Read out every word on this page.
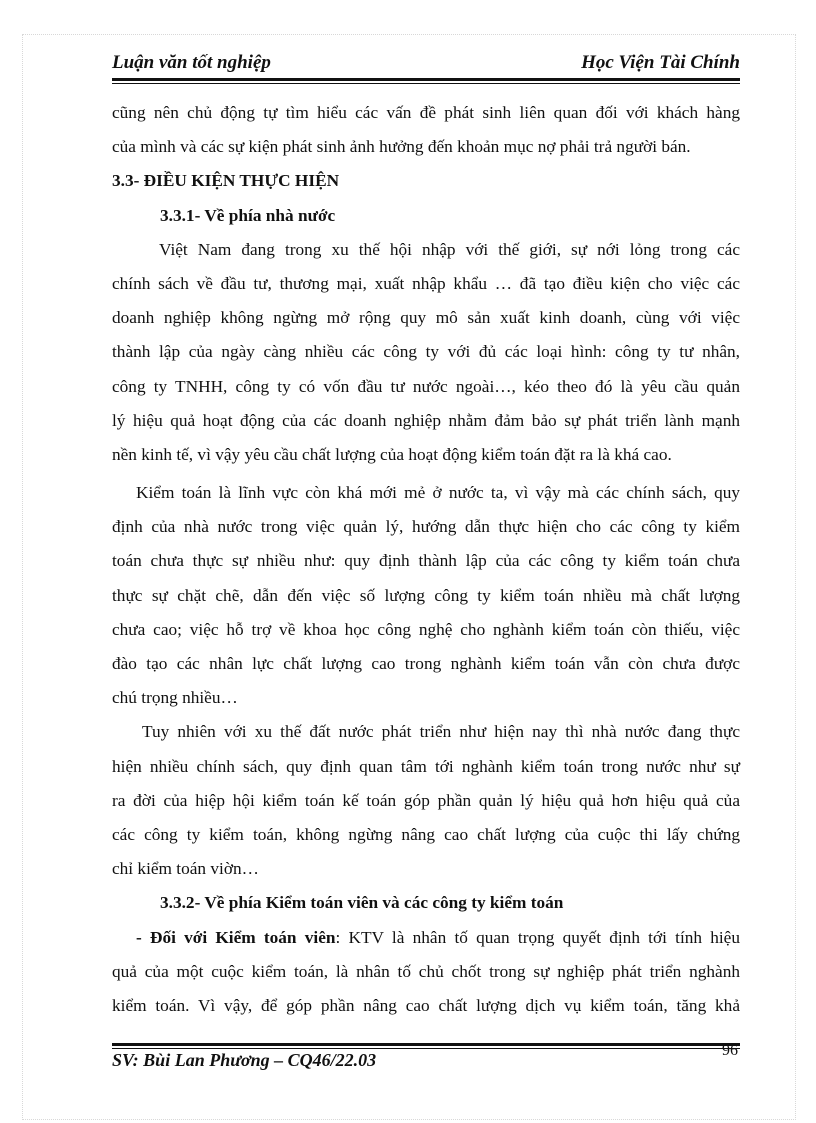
Luận văn tốt nghiệp	Học Viện Tài Chính
cũng nên chủ động tự tìm hiểu các vấn đề phát sinh liên quan đối với khách hàng
của mình và các sự kiện phát sinh ảnh hưởng đến khoản mục nợ phải trả người bán.
3.3- ĐIỀU KIỆN THỰC HIỆN
3.3.1- Về phía nhà nước
Việt Nam đang trong xu thế hội nhập với thế giới, sự nới lỏng trong các
chính sách về đầu tư, thương mại, xuất nhập khẩu … đã tạo điều kiện cho việc các
doanh nghiệp không ngừng mở rộng quy mô sản xuất kinh doanh, cùng với việc
thành lập của ngày càng nhiều các công ty với đủ các loại hình: công ty tư nhân,
công ty TNHH, công ty có vốn đầu tư nước ngoài…, kéo theo đó là yêu cầu quản
lý hiệu quả hoạt động của các doanh nghiệp nhằm đảm bảo sự phát triển lành mạnh
nền kinh tế, vì vậy yêu cầu chất lượng của hoạt động kiểm toán đặt ra là khá cao.
Kiểm toán là lĩnh vực còn khá mới mẻ ở nước ta, vì vậy mà các chính sách, quy
định của nhà nước trong việc quản lý, hướng dẫn thực hiện cho các công ty kiểm
toán chưa thực sự nhiều như: quy định thành lập của các công ty kiểm toán chưa
thực sự chặt chẽ, dẫn đến việc số lượng công ty kiểm toán nhiều mà chất lượng
chưa cao; việc hỗ trợ về khoa học công nghệ cho nghành kiểm toán còn thiếu, việc
đào tạo các nhân lực chất lượng cao trong nghành kiểm toán vẫn còn chưa được
chú trọng nhiều…
Tuy nhiên với xu thế đất nước phát triển như hiện nay thì nhà nước đang thực
hiện nhiều chính sách, quy định quan tâm tới nghành kiểm toán trong nước như sự
ra đời của hiệp hội kiểm toán kế toán góp phần quản lý hiệu quả hơn hiệu quả của
các công ty kiểm toán, không ngừng nâng cao chất lượng của cuộc thi lấy chứng
chỉ kiểm toán viờn…
3.3.2- Về phía Kiểm toán viên và các công ty kiểm toán
- Đối với Kiểm toán viên: KTV là nhân tố quan trọng quyết định tới tính hiệu
quả của một cuộc kiểm toán, là nhân tố chủ chốt trong sự nghiệp phát triển nghành
kiểm toán. Vì vậy, để góp phần nâng cao chất lượng dịch vụ kiểm toán, tăng khả
SV: Bùi Lan Phương – CQ46/22.03	96
